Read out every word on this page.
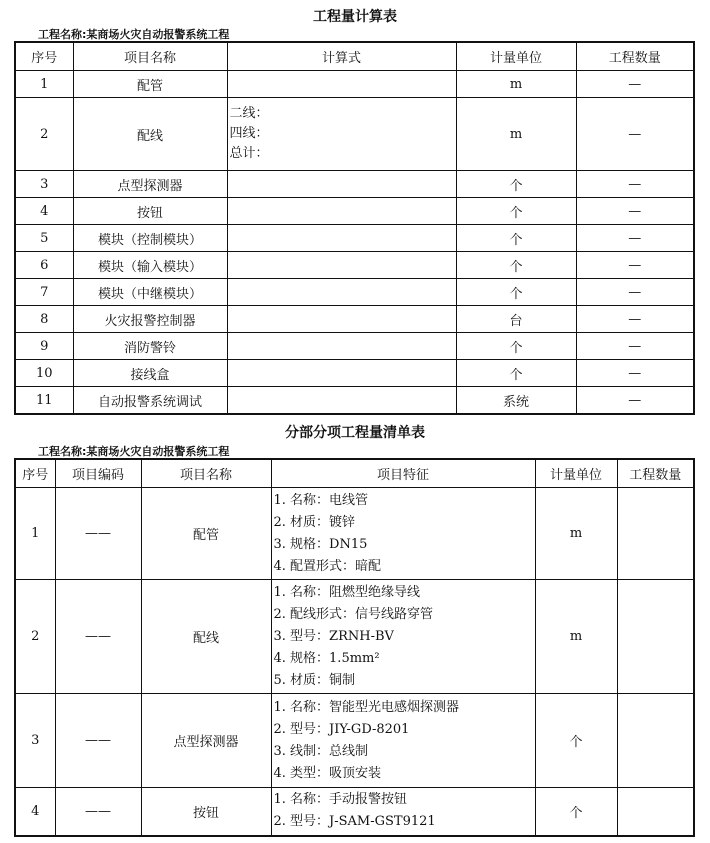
工程量计算表
工程名称:某商场火灾自动报警系统工程
序号	项目名称	计算式	计量单位	工程数量
1	配管		m	—
2	配线	二线：
四线：
总计：	m	—
3	点型探测器		个	—
4	按钮		个	—
5	模块（控制模块）		个	—
6	模块（输入模块）		个	—
7	模块（中继模块）		个	—
8	火灾报警控制器		台	—
9	消防警铃		个	—
10	接线盒		个	—
11	自动报警系统调试		系统	—
分部分项工程量清单表
工程名称:某商场火灾自动报警系统工程
序号	项目编码	项目名称	项目特征	计量单位	工程数量
1	——	配管	1. 名称：电线管
2. 材质：镀锌
3. 规格：DN15
4. 配置形式：暗配	m	
2	——	配线	1. 名称：阻燃型绝缘导线
2. 配线形式：信号线路穿管
3. 型号：ZRNH-BV
4. 规格：1.5mm²
5. 材质：铜制	m	
3	——	点型探测器	1. 名称：智能型光电感烟探测器
2. 型号：JIY-GD-8201
3. 线制：总线制
4. 类型：吸顶安装	个	
4	——	按钮	1. 名称：手动报警按钮
2. 型号：J-SAM-GST9121	个	
